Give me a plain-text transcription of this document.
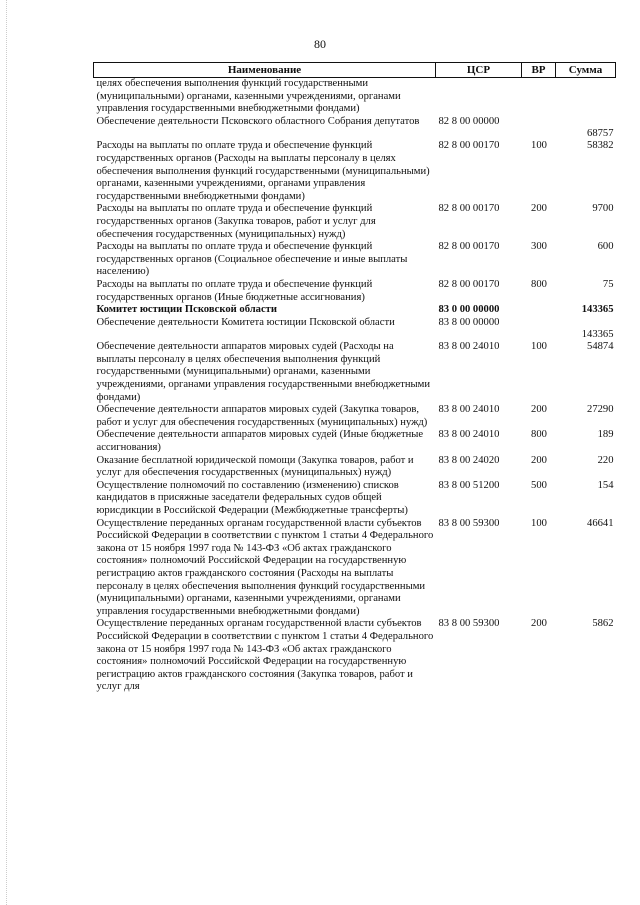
80
Наименование	ЦСР	ВР	Сумма
целях обеспечения выполнения функций государственными (муниципальными) органами, казенными учреждениями, органами управления государственными внебюджетными фондами)			
Обеспечение деятельности Псковского областного Собрания депутатов	82 8 00 00000		68757
Расходы на выплаты по оплате труда и обеспечение функций государственных органов (Расходы на выплаты персоналу в целях обеспечения выполнения функций государственными (муниципальными) органами, казенными учреждениями, органами управления государственными внебюджетными фондами)	82 8 00 00170	100	58382
Расходы на выплаты по оплате труда и обеспечение функций государственных органов (Закупка товаров, работ и услуг для обеспечения государственных (муниципальных) нужд)	82 8 00 00170	200	9700
Расходы на выплаты по оплате труда и обеспечение функций государственных органов (Социальное обеспечение и иные выплаты населению)	82 8 00 00170	300	600
Расходы на выплаты по оплате труда и обеспечение функций государственных органов (Иные бюджетные ассигнования)	82 8 00 00170	800	75
Комитет юстиции Псковской области	83 0 00 00000		143365
Обеспечение деятельности Комитета юстиции Псковской области	83 8 00 00000		143365
Обеспечение деятельности аппаратов мировых судей (Расходы на выплаты персоналу в целях обеспечения выполнения функций государственными (муниципальными) органами, казенными учреждениями, органами управления государственными внебюджетными фондами)	83 8 00 24010	100	54874
Обеспечение деятельности аппаратов мировых судей (Закупка товаров, работ и услуг для обеспечения государственных (муниципальных) нужд)	83 8 00 24010	200	27290
Обеспечение деятельности аппаратов мировых судей (Иные бюджетные ассигнования)	83 8 00 24010	800	189
Оказание бесплатной юридической помощи (Закупка товаров, работ и услуг для обеспечения государственных (муниципальных) нужд)	83 8 00 24020	200	220
Осуществление полномочий по составлению (изменению) списков кандидатов в присяжные заседатели федеральных судов общей юрисдикции в Российской Федерации (Межбюджетные трансферты)	83 8 00 51200	500	154
Осуществление переданных органам государственной власти субъектов Российской Федерации в соответствии с пунктом 1 статьи 4 Федерального закона от 15 ноября 1997 года № 143-ФЗ «Об актах гражданского состояния» полномочий Российской Федерации на государственную регистрацию актов гражданского состояния (Расходы на выплаты персоналу в целях обеспечения выполнения функций государственными (муниципальными) органами, казенными учреждениями, органами управления государственными внебюджетными фондами)	83 8 00 59300	100	46641
Осуществление переданных органам государственной власти субъектов Российской Федерации в соответствии с пунктом 1 статьи 4 Федерального закона от 15 ноября 1997 года № 143-ФЗ «Об актах гражданского состояния» полномочий Российской Федерации на государственную регистрацию актов гражданского состояния (Закупка товаров, работ и услуг для	83 8 00 59300	200	5862
